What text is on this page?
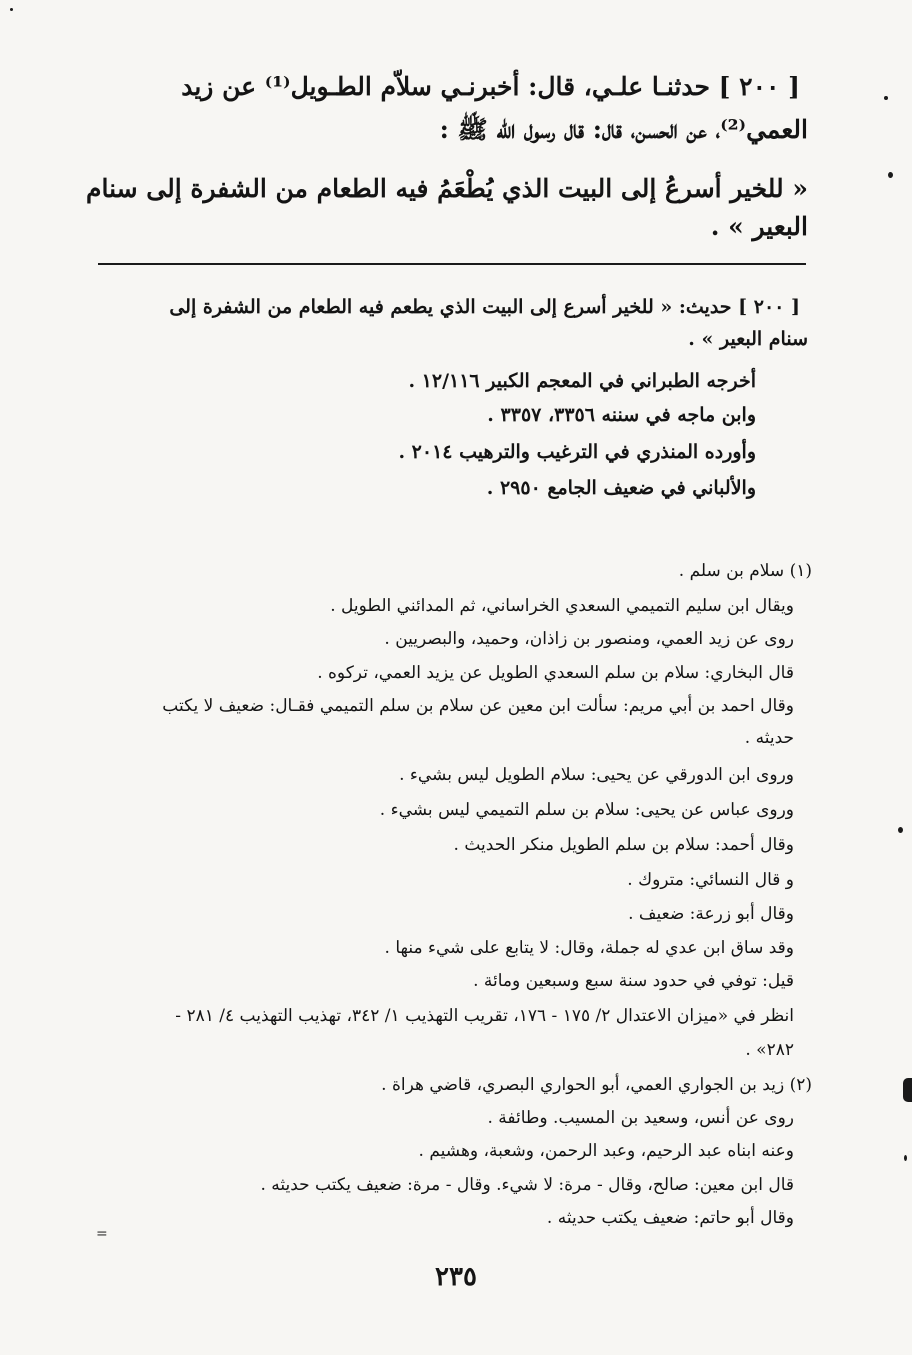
[ ٢٠٠ ] حدثنـا علـي، قال: أخبرنـي سلاّم الطـويل⁽¹⁾ عن زيد
العمي⁽²⁾، عن الحسن، قال: قال رسول الله ﷺ :
« للخير أسرعُ إلى البيت الذي يُطْعَمُ فيه الطعام من الشفرة إلى سنام
البعير » .
[ ٢٠٠ ] حديث: « للخير أسرع إلى البيت الذي يطعم فيه الطعام من الشفرة إلى
سنام البعير » .
أخرجه الطبراني في المعجم الكبير ١٢/١١٦ .
وابن ماجه في سننه ٣٣٥٦، ٣٣٥٧ .
وأورده المنذري في الترغيب والترهيب ٢٠١٤ .
والألباني في ضعيف الجامع ٢٩٥٠ .
(١) سلام بن سلم .
ويقال ابن سليم التميمي السعدي الخراساني، ثم المدائني الطويل .
روى عن زيد العمي، ومنصور بن زاذان، وحميد، والبصريين .
قال البخاري: سلام بن سلم السعدي الطويل عن يزيد العمي، تركوه .
وقال احمد بن أبي مريم: سألت ابن معين عن سلام بن سلم التميمي فقـال: ضعيف لا يكتب
حديثه .
وروى ابن الدورقي عن يحيى: سلام الطويل ليس بشيء .
وروى عباس عن يحيى: سلام بن سلم التميمي ليس بشيء .
وقال أحمد: سلام بن سلم الطويل منكر الحديث .
و قال النسائي: متروك .
وقال أبو زرعة: ضعيف .
وقد ساق ابن عدي له جملة، وقال: لا يتابع على شيء منها .
قيل: توفي في حدود سنة سبع وسبعين ومائة .
انظر في «ميزان الاعتدال ٢/ ١٧٥ - ١٧٦، تقريب التهذيب ١/ ٣٤٢، تهذيب التهذيب ٤/ ٢٨١ -
٢٨٢» .
(٢) زيد بن الجواري العمي، أبو الحواري البصري، قاضي هراة .
روى عن أنس، وسعيد بن المسيب. وطائفة .
وعنه ابناه عبد الرحيم، وعبد الرحمن، وشعبة، وهشيم .
قال ابن معين: صالح، وقال - مرة: لا شيء. وقال - مرة: ضعيف يكتب حديثه .
وقال أبو حاتم: ضعيف يكتب حديثه .
٢٣٥
=
